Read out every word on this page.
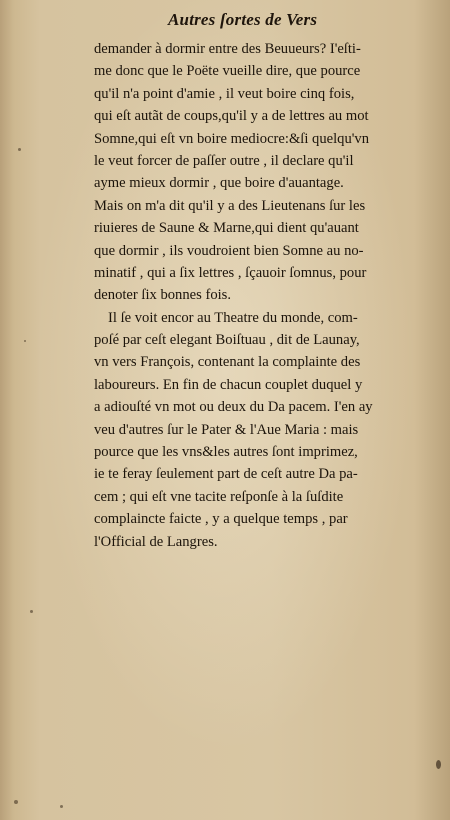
Autres ſortes de Vers
demander à dormir entre des Beuueurs? I'eſti-
me donc que le Poëte vueille dire, que pource
qu'il n'a point d'amie , il veut boire cinq fois,
qui eſt autãt de coups,qu'il y a de lettres au mot
Somne,qui eſt vn boire mediocre:&ſi quelqu'vn
le veut forcer de paſſer outre , il declare qu'il
ayme mieux dormir , que boire d'auantage.
Mais on m'a dit qu'il y a des Lieutenans ſur les
riuieres de Saune & Marne,qui dient qu'auant
que dormir , ils voudroient bien Somne au no-
minatif , qui a ſix lettres , ſçauoir ſomnus, pour
denoter ſix bonnes fois.
Il ſe voit encor au Theatre du monde, com-
poſé par ceſt elegant Boiſtuau , dit de Launay,
vn vers François, contenant la complainte des
laboureurs. En fin de chacun couplet duquel y
a adiouſté vn mot ou deux du Da pacem. I'en ay
veu d'autres ſur le Pater & l'Aue Maria : mais
pource que les vns&les autres ſont imprimez,
ie te feray ſeulement part de ceſt autre Da pa-
cem ; qui eſt vne tacite reſponſe à la ſuſdite
complaincte faicte , y a quelque temps , par
l'Official de Langres.
